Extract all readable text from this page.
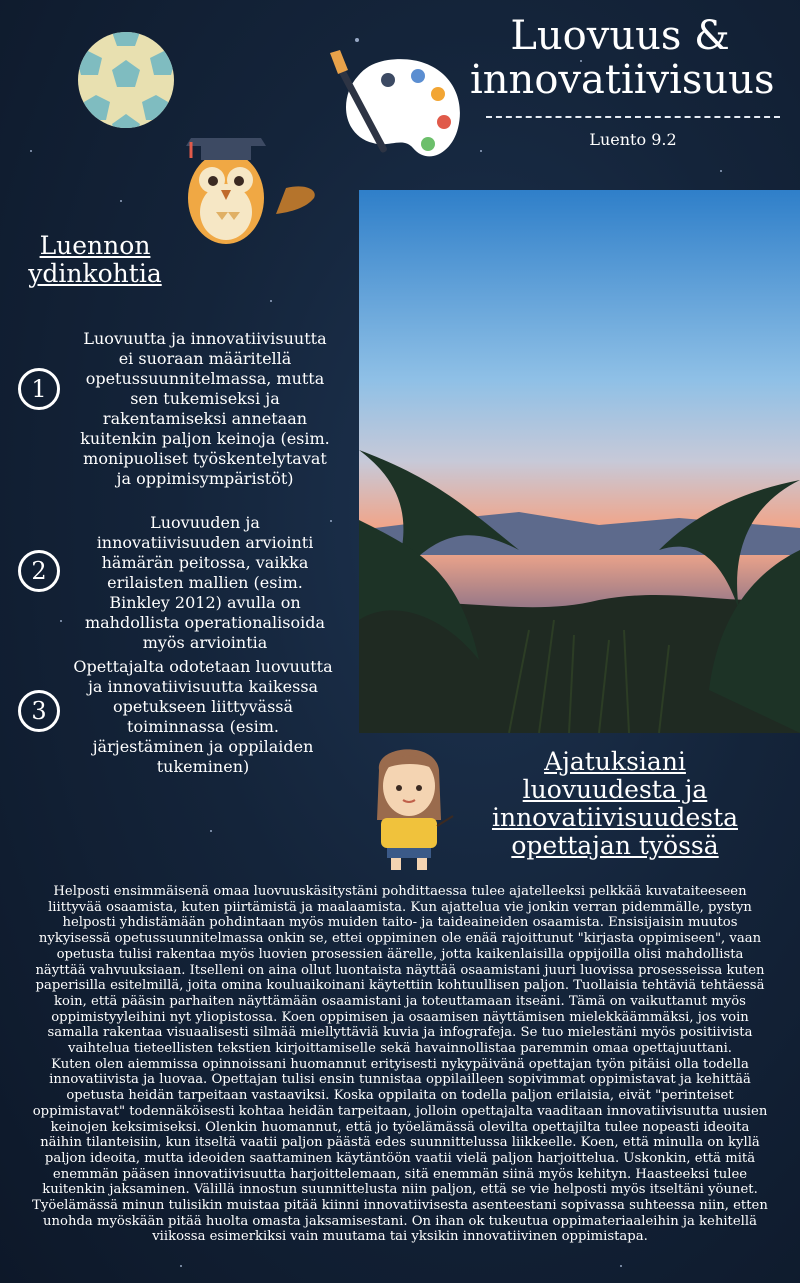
Luovuus &
innovatiivisuus
Luento 9.2
Luennon
ydinkohtia
1
Luovuutta ja innovatiivisuutta ei suoraan määritellä opetussuunnitelmassa, mutta sen tukemiseksi ja rakentamiseksi annetaan kuitenkin paljon keinoja (esim. monipuoliset työskentelytavat ja oppimisympäristöt)
2
Luovuuden ja innovatiivisuuden arviointi hämärän peitossa, vaikka erilaisten mallien (esim. Binkley 2012) avulla on mahdollista operationalisoida myös arviointia
3
Opettajalta odotetaan luovuutta ja innovatiivisuutta kaikessa opetukseen liittyvässä toiminnassa (esim. järjestäminen ja oppilaiden tukeminen)	Ajatuksiani
luovuudesta ja
innovatiivisuudesta
opettajan työssä

Helposti ensimmäisenä omaa luovuuskäsitystäni pohdittaessa tulee ajatelleeksi pelkkää kuvataiteeseen liittyvää osaamista, kuten piirtämistä ja maalaamista. Kun ajattelua vie jonkin verran pidemmälle, pystyn helposti yhdistämään pohdintaan myös muiden taito- ja taideaineiden osaamista. Ensisijaisin muutos nykyisessä opetussuunnitelmassa onkin se, ettei oppiminen ole enää rajoittunut "kirjasta oppimiseen", vaan opetusta tulisi rakentaa myös luovien prosessien äärelle, jotta kaikenlaisilla oppijoilla olisi mahdollista näyttää vahvuuksiaan. Itselleni on aina ollut luontaista näyttää osaamistani juuri luovissa prosesseissa kuten paperisilla esitelmillä, joita omina kouluaikoinani käytettiin kohtuullisen paljon. Tuollaisia tehtäviä tehtäessä koin, että pääsin parhaiten näyttämään osaamistani ja toteuttamaan itseäni. Tämä on vaikuttanut myös oppimistyyleihini nyt yliopistossa. Koen oppimisen ja osaamisen näyttämisen mielekkäämmäksi, jos voin samalla rakentaa visuaalisesti silmää miellyttäviä kuvia ja infografeja. Se tuo mielestäni myös positiivista vaihtelua tieteellisten tekstien kirjoittamiselle sekä havainnollistaa paremmin omaa opettajuuttani.

Kuten olen aiemmissa opinnoissani huomannut erityisesti nykypäivänä opettajan työn pitäisi olla todella innovatiivista ja luovaa. Opettajan tulisi ensin tunnistaa oppilailleen sopivimmat oppimistavat ja kehittää opetusta heidän tarpeitaan vastaaviksi. Koska oppilaita on todella paljon erilaisia, eivät "perinteiset oppimistavat" todennäköisesti kohtaa heidän tarpeitaan, jolloin opettajalta vaaditaan innovatiivisuutta uusien keinojen keksimiseksi. Olenkin huomannut, että jo työelämässä olevilta opettajilta tulee nopeasti ideoita näihin tilanteisiin, kun itseltä vaatii paljon päästä edes suunnittelussa liikkeelle. Koen, että minulla on kyllä paljon ideoita, mutta ideoiden saattaminen käytäntöön vaatii vielä paljon harjoittelua. Uskonkin, että mitä enemmän pääsen innovatiivisuutta harjoittelemaan, sitä enemmän siinä myös kehityn. Haasteeksi tulee kuitenkin jaksaminen. Välillä innostun suunnittelusta niin paljon, että se vie helposti myös itseltäni yöunet. Työelämässä minun tulisikin muistaa pitää kiinni innovatiivisesta asenteestani sopivassa suhteessa niin, etten unohda myöskään pitää huolta omasta jaksamisestani. On ihan ok tukeutua oppimateriaaleihin ja kehitellä viikossa esimerkiksi vain muutama tai yksikin innovatiivinen oppimistapa.
